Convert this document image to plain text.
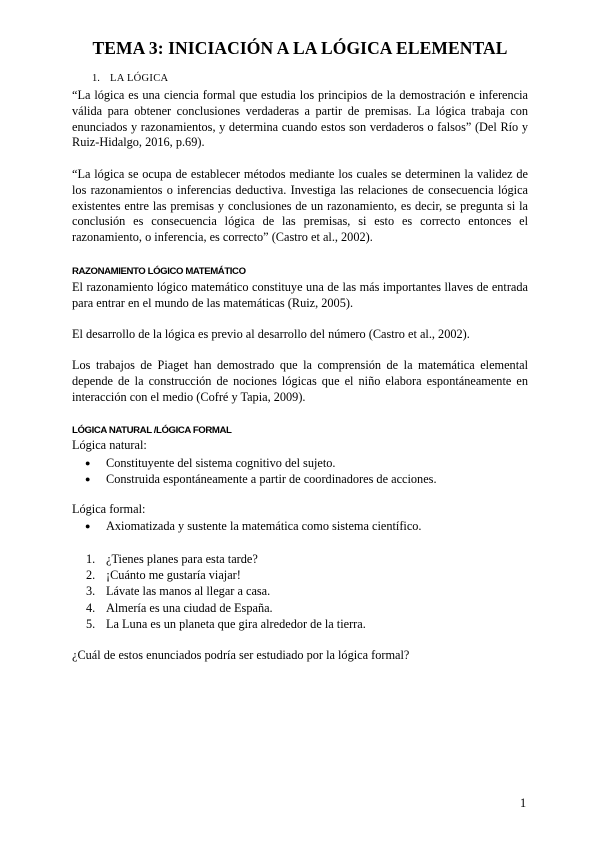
TEMA 3: INICIACIÓN A LA LÓGICA ELEMENTAL
1. LA LÓGICA

“La lógica es una ciencia formal que estudia los principios de la demostración e inferencia válida para obtener conclusiones verdaderas a partir de premisas. La lógica trabaja con enunciados y razonamientos, y determina cuando estos son verdaderos o falsos” (Del Río y Ruiz-Hidalgo, 2016, p.69).

“La lógica se ocupa de establecer métodos mediante los cuales se determinen la validez de los razonamientos o inferencias deductiva. Investiga las relaciones de consecuencia lógica existentes entre las premisas y conclusiones de un razonamiento, es decir, se pregunta si la conclusión es consecuencia lógica de las premisas, si esto es correcto entonces el razonamiento, o inferencia, es correcto” (Castro et al., 2002).

RAZONAMIENTO LÓGICO MATEMÁTICO

El razonamiento lógico matemático constituye una de las más importantes llaves de entrada para entrar en el mundo de las matemáticas (Ruiz, 2005).

El desarrollo de la lógica es previo al desarrollo del número (Castro et al., 2002).

Los trabajos de Piaget han demostrado que la comprensión de la matemática elemental depende de la construcción de nociones lógicas que el niño elabora espontáneamente en interacción con el medio (Cofré y Tapia, 2009).

LÓGICA NATURAL /LÓGICA FORMAL

Lógica natural:

● Constituyente del sistema cognitivo del sujeto.
● Construida espontáneamente a partir de coordinadores de acciones.

Lógica formal:

● Axiomatizada y sustente la matemática como sistema científico.
1. ¿Tienes planes para esta tarde?
2. ¡Cuánto me gustaría viajar!
3. Lávate las manos al llegar a casa.
4. Almería es una ciudad de España.
5. La Luna es un planeta que gira alrededor de la tierra.

¿Cuál de estos enunciados podría ser estudiado por la lógica formal?

1
